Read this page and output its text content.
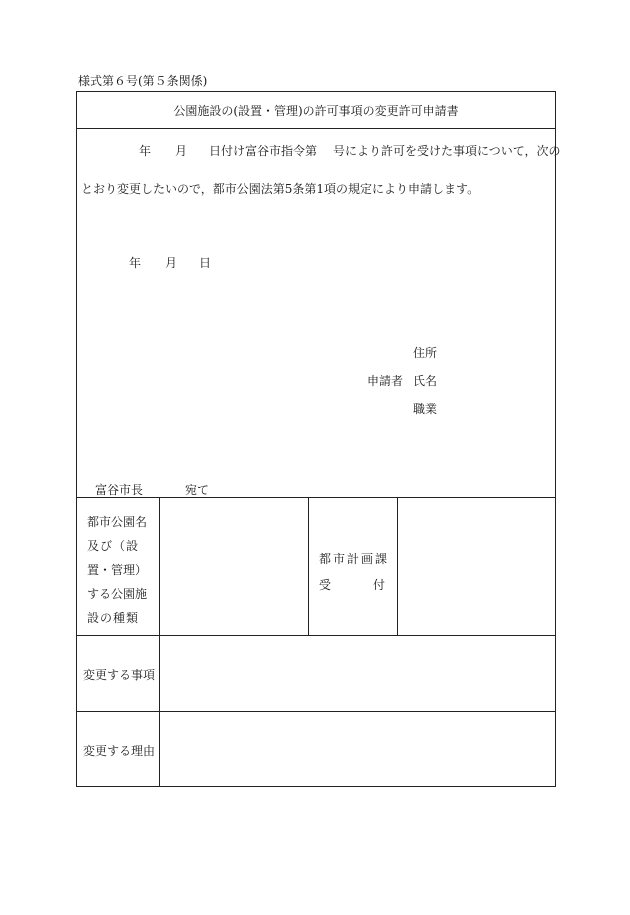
様式第６号(第５条関係)
公園施設の(設置・管理)の許可事項の変更許可申請書
年 月 日付け富谷市指令第 号により許可を受けた事項について，次の
とおり変更したいので，都市公園法第5条第1項の規定により申請します。
年 月 日
住所
申請者 氏名
職業
富谷市長	宛て
都市公園名
及び（設
置・管理）
する公園施
設の種類
都市計画課
受	付
変更する事項
変更する理由
